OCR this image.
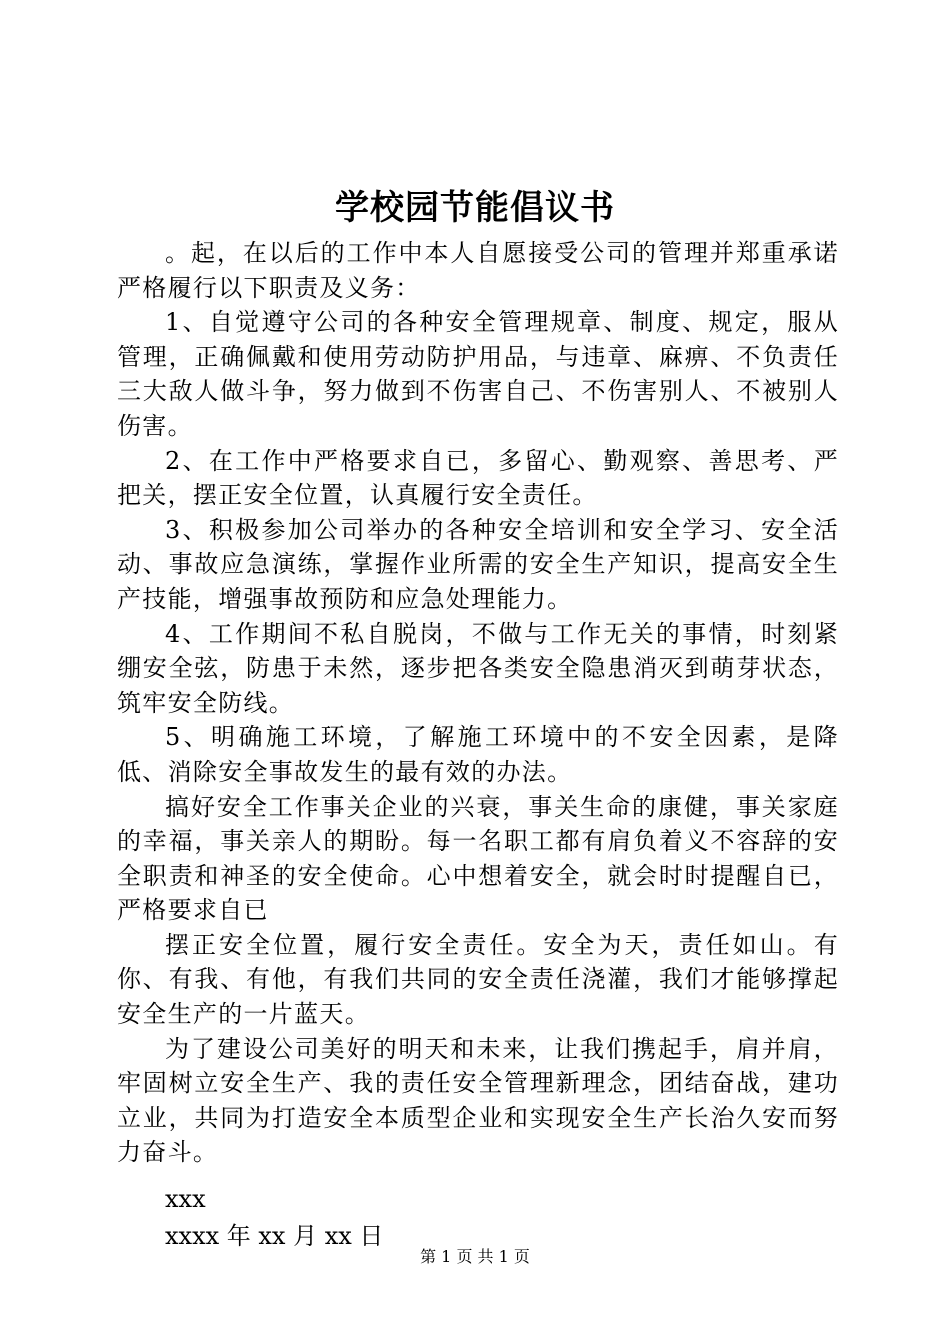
学校园节能倡议书

。起，在以后的工作中本人自愿接受公司的管理并郑重承诺严格履行以下职责及义务：

1、自觉遵守公司的各种安全管理规章、制度、规定，服从管理，正确佩戴和使用劳动防护用品，与违章、麻痹、不负责任三大敌人做斗争，努力做到不伤害自己、不伤害别人、不被别人伤害。

2、在工作中严格要求自已，多留心、勤观察、善思考、严把关，摆正安全位置，认真履行安全责任。

3、积极参加公司举办的各种安全培训和安全学习、安全活动、事故应急演练，掌握作业所需的安全生产知识，提高安全生产技能，增强事故预防和应急处理能力。

4、工作期间不私自脱岗，不做与工作无关的事情，时刻紧绷安全弦，防患于未然，逐步把各类安全隐患消灭到萌芽状态，筑牢安全防线。

5、明确施工环境，了解施工环境中的不安全因素，是降低、消除安全事故发生的最有效的办法。

搞好安全工作事关企业的兴衰，事关生命的康健，事关家庭的幸福，事关亲人的期盼。每一名职工都有肩负着义不容辞的安全职责和神圣的安全使命。心中想着安全，就会时时提醒自已，严格要求自已

摆正安全位置，履行安全责任。安全为天，责任如山。有你、有我、有他，有我们共同的安全责任浇灌，我们才能够撑起安全生产的一片蓝天。

为了建设公司美好的明天和未来，让我们携起手，肩并肩，牢固树立安全生产、我的责任安全管理新理念，团结奋战，建功立业，共同为打造安全本质型企业和实现安全生产长治久安而努力奋斗。

xxx

xxxx 年 xx 月 xx 日

第 1 页 共 1 页
